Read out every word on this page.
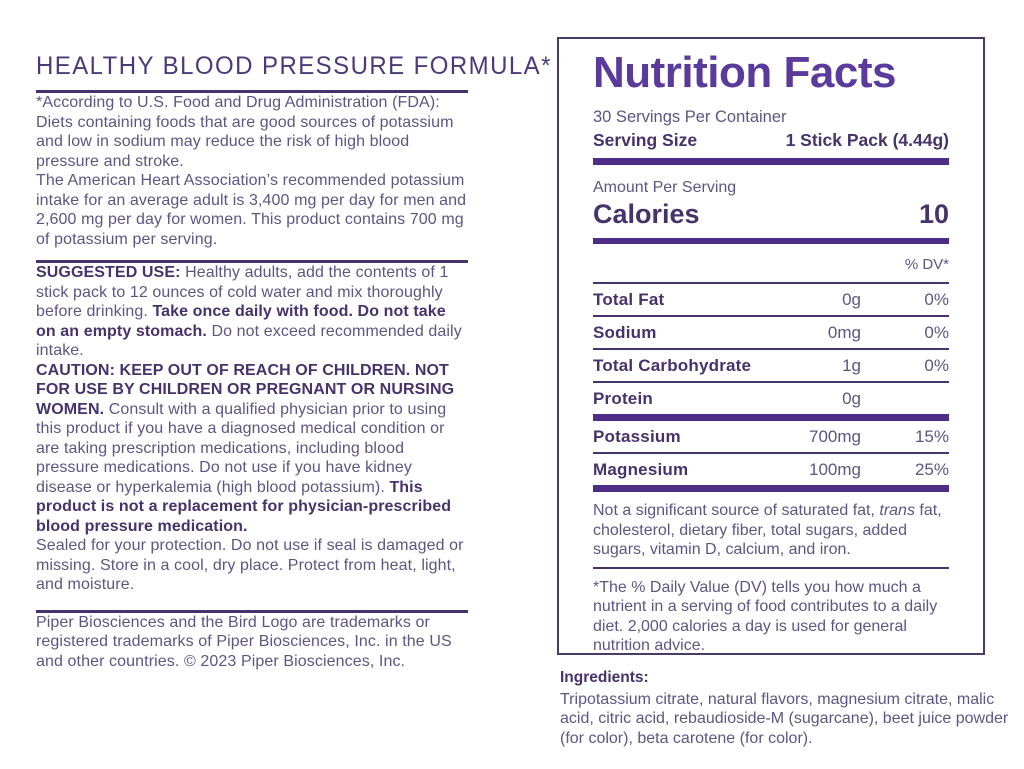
HEALTHY BLOOD PRESSURE FORMULA*

*According to U.S. Food and Drug Administration (FDA): Diets containing foods that are good sources of potassium and low in sodium may reduce the risk of high blood pressure and stroke.

The American Heart Association’s recommended potassium intake for an average adult is 3,400 mg per day for men and 2,600 mg per day for women. This product contains 700 mg of potassium per serving.

SUGGESTED USE: Healthy adults, add the contents of 1 stick pack to 12 ounces of cold water and mix thoroughly before drinking. Take once daily with food. Do not take on an empty stomach. Do not exceed recommended daily intake.

CAUTION: KEEP OUT OF REACH OF CHILDREN. NOT FOR USE BY CHILDREN OR PREGNANT OR NURSING WOMEN. Consult with a qualified physician prior to using this product if you have a diagnosed medical condition or are taking prescription medications, including blood pressure medications. Do not use if you have kidney disease or hyperkalemia (high blood potassium). This product is not a replacement for physician-prescribed blood pressure medication.

Sealed for your protection. Do not use if seal is damaged or missing. Store in a cool, dry place. Protect from heat, light, and moisture.

Piper Biosciences and the Bird Logo are trademarks or registered trademarks of Piper Biosciences, Inc. in the US and other countries. © 2023 Piper Biosciences, Inc.

Nutrition Facts
30 Servings Per Container
Serving Size	1 Stick Pack (4.44g)
Amount Per Serving
Calories	10
% DV*
Total Fat	0g	0%
Sodium	0mg	0%
Total Carbohydrate	1g	0%
Protein	0g
Potassium	700mg	15%
Magnesium	100mg	25%

Not a significant source of saturated fat, trans fat, cholesterol, dietary fiber, total sugars, added sugars, vitamin D, calcium, and iron.

*The % Daily Value (DV) tells you how much a nutrient in a serving of food contributes to a daily diet. 2,000 calories a day is used for general nutrition advice.

Ingredients:
Tripotassium citrate, natural flavors, magnesium citrate, malic acid, citric acid, rebaudioside-M (sugarcane), beet juice powder (for color), beta carotene (for color).
